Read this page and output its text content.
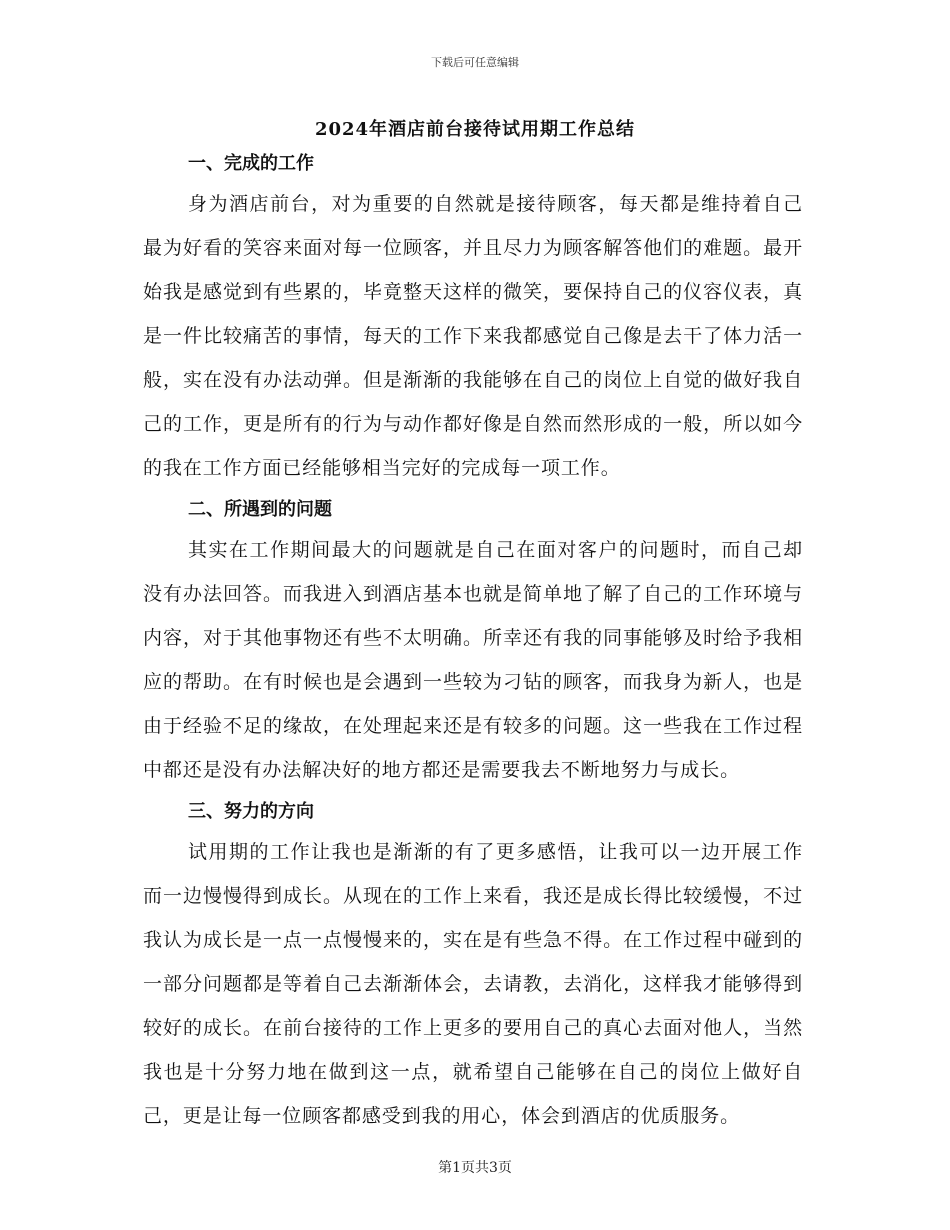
下载后可任意编辑
2024年酒店前台接待试用期工作总结
一、完成的工作

身为酒店前台，对为重要的自然就是接待顾客，每天都是维持着自己最为好看的笑容来面对每一位顾客，并且尽力为顾客解答他们的难题。最开始我是感觉到有些累的，毕竟整天这样的微笑，要保持自己的仪容仪表，真是一件比较痛苦的事情，每天的工作下来我都感觉自己像是去干了体力活一般，实在没有办法动弹。但是渐渐的我能够在自己的岗位上自觉的做好我自己的工作，更是所有的行为与动作都好像是自然而然形成的一般，所以如今的我在工作方面已经能够相当完好的完成每一项工作。

二、所遇到的问题

其实在工作期间最大的问题就是自己在面对客户的问题时，而自己却没有办法回答。而我进入到酒店基本也就是简单地了解了自己的工作环境与内容，对于其他事物还有些不太明确。所幸还有我的同事能够及时给予我相应的帮助。在有时候也是会遇到一些较为刁钻的顾客，而我身为新人，也是由于经验不足的缘故，在处理起来还是有较多的问题。这一些我在工作过程中都还是没有办法解决好的地方都还是需要我去不断地努力与成长。

三、努力的方向

试用期的工作让我也是渐渐的有了更多感悟，让我可以一边开展工作而一边慢慢得到成长。从现在的工作上来看，我还是成长得比较缓慢，不过我认为成长是一点一点慢慢来的，实在是有些急不得。在工作过程中碰到的一部分问题都是等着自己去渐渐体会，去请教，去消化，这样我才能够得到较好的成长。在前台接待的工作上更多的要用自己的真心去面对他人，当然我也是十分努力地在做到这一点，就希望自己能够在自己的岗位上做好自己，更是让每一位顾客都感受到我的用心，体会到酒店的优质服务。

第1页共3页
